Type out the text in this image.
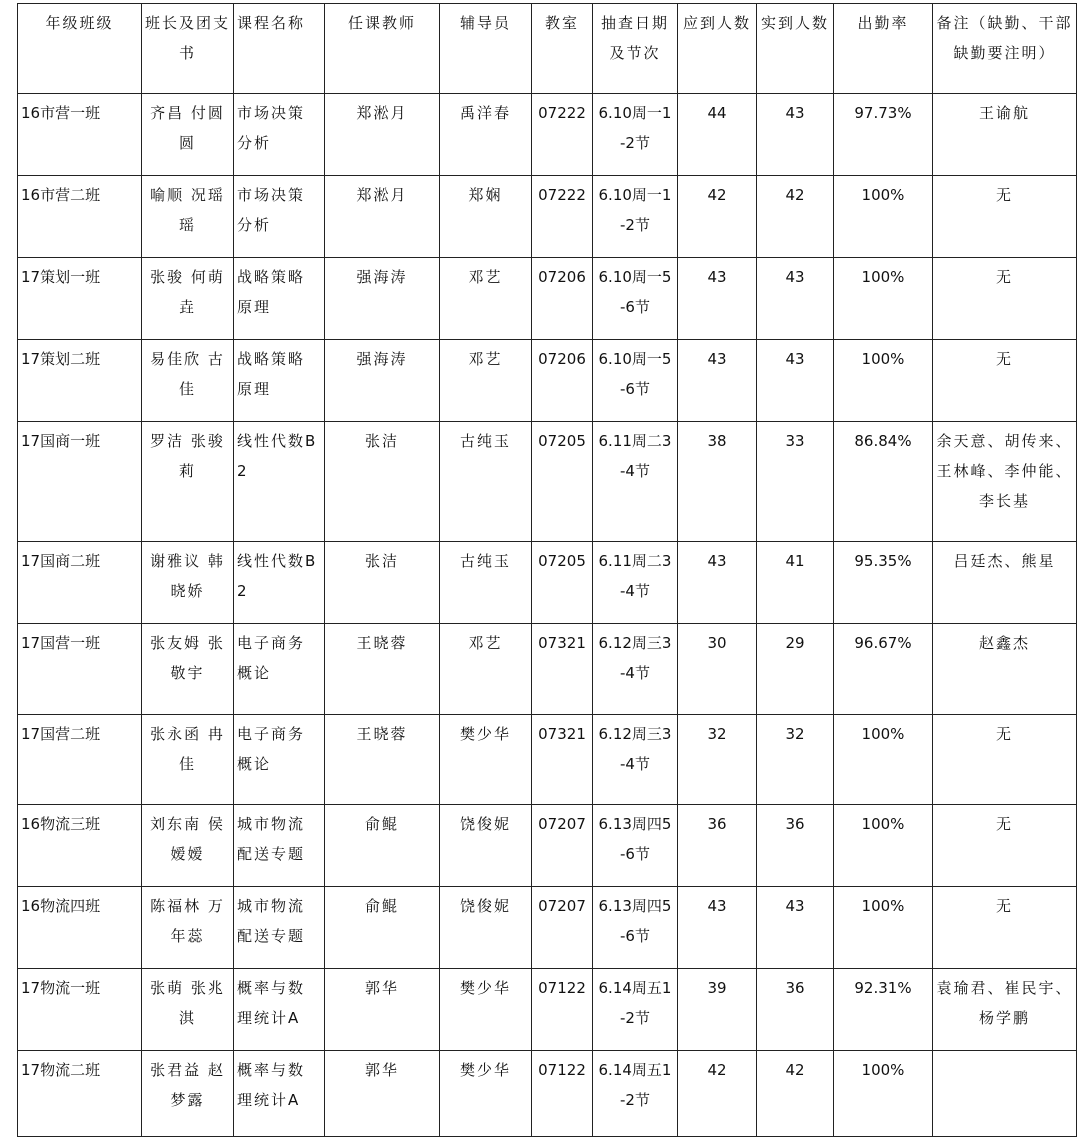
年级班级	班长及团支书	课程名称	任课教师	辅导员	教室	抽查日期及节次	应到人数	实到人数	出勤率	备注（缺勤、干部缺勤要注明）
16市营一班	齐昌 付圆圆	市场决策分析	郑淞月	禹洋春	07222	6.10周一1-2节	44	43	97.73%	王谕航
16市营二班	喻顺 况瑶瑶	市场决策分析	郑淞月	郑娴	07222	6.10周一1-2节	42	42	100%	无
17策划一班	张骏 何萌垚	战略策略原理	强海涛	邓艺	07206	6.10周一5-6节	43	43	100%	无
17策划二班	易佳欣 古佳	战略策略原理	强海涛	邓艺	07206	6.10周一5-6节	43	43	100%	无
17国商一班	罗洁 张骏莉	线性代数B2	张洁	古纯玉	07205	6.11周二3-4节	38	33	86.84%	余天意、胡传来、王林峰、李仲能、李长基
17国商二班	谢雅议 韩晓娇	线性代数B2	张洁	古纯玉	07205	6.11周二3-4节	43	41	95.35%	吕廷杰、熊星
17国营一班	张友姆 张敬宇	电子商务概论	王晓蓉	邓艺	07321	6.12周三3-4节	30	29	96.67%	赵鑫杰
17国营二班	张永函 冉佳	电子商务概论	王晓蓉	樊少华	07321	6.12周三3-4节	32	32	100%	无
16物流三班	刘东南 侯嫒嫒	城市物流配送专题	俞鲲	饶俊妮	07207	6.13周四5-6节	36	36	100%	无
16物流四班	陈福林 万年蕊	城市物流配送专题	俞鲲	饶俊妮	07207	6.13周四5-6节	43	43	100%	无
17物流一班	张萌 张兆淇	概率与数理统计A	郭华	樊少华	07122	6.14周五1-2节	39	36	92.31%	袁瑜君、崔民宇、杨学鹏
17物流二班	张君益 赵梦露	概率与数理统计A	郭华	樊少华	07122	6.14周五1-2节	42	42	100%	
